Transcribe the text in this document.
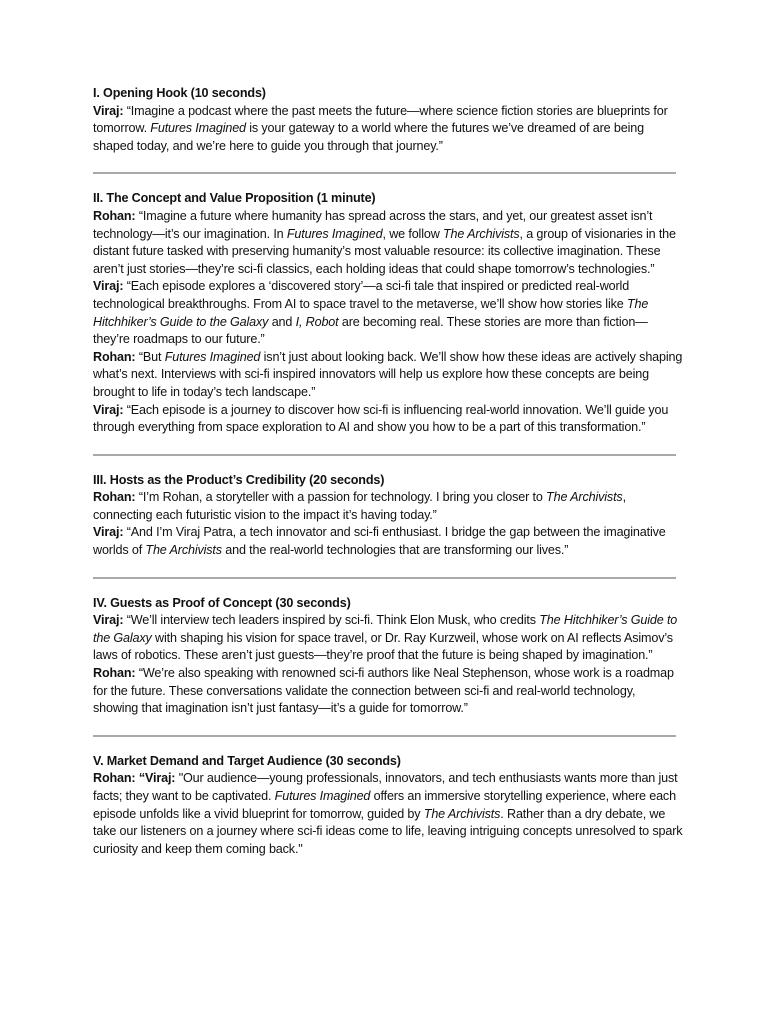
I. Opening Hook (10 seconds)
Viraj: “Imagine a podcast where the past meets the future—where science fiction stories are blueprints for tomorrow. Futures Imagined is your gateway to a world where the futures we’ve dreamed of are being shaped today, and we’re here to guide you through that journey.”
II. The Concept and Value Proposition (1 minute)
Rohan: “Imagine a future where humanity has spread across the stars, and yet, our greatest asset isn’t technology—it’s our imagination. In Futures Imagined, we follow The Archivists, a group of visionaries in the distant future tasked with preserving humanity’s most valuable resource: its collective imagination. These aren’t just stories—they’re sci-fi classics, each holding ideas that could shape tomorrow’s technologies.”
Viraj: “Each episode explores a ‘discovered story’—a sci-fi tale that inspired or predicted real-world technological breakthroughs. From AI to space travel to the metaverse, we’ll show how stories like The Hitchhiker’s Guide to the Galaxy and I, Robot are becoming real. These stories are more than fiction—they’re roadmaps to our future.”
Rohan: “But Futures Imagined isn’t just about looking back. We’ll show how these ideas are actively shaping what’s next. Interviews with sci-fi inspired innovators will help us explore how these concepts are being brought to life in today’s tech landscape.”
Viraj: “Each episode is a journey to discover how sci-fi is influencing real-world innovation. We’ll guide you through everything from space exploration to AI and show you how to be a part of this transformation.”
III. Hosts as the Product’s Credibility (20 seconds)
Rohan: “I’m Rohan, a storyteller with a passion for technology. I bring you closer to The Archivists, connecting each futuristic vision to the impact it’s having today.”
Viraj: “And I’m Viraj Patra, a tech innovator and sci-fi enthusiast. I bridge the gap between the imaginative worlds of The Archivists and the real-world technologies that are transforming our lives.”
IV. Guests as Proof of Concept (30 seconds)
Viraj: “We’ll interview tech leaders inspired by sci-fi. Think Elon Musk, who credits The Hitchhiker’s Guide to the Galaxy with shaping his vision for space travel, or Dr. Ray Kurzweil, whose work on AI reflects Asimov’s laws of robotics. These aren’t just guests—they’re proof that the future is being shaped by imagination.”
Rohan: “We’re also speaking with renowned sci-fi authors like Neal Stephenson, whose work is a roadmap for the future. These conversations validate the connection between sci-fi and real-world technology, showing that imagination isn’t just fantasy—it’s a guide for tomorrow.”
V. Market Demand and Target Audience (30 seconds)
Rohan: “Viraj: "Our audience—young professionals, innovators, and tech enthusiasts wants more than just facts; they want to be captivated. Futures Imagined offers an immersive storytelling experience, where each episode unfolds like a vivid blueprint for tomorrow, guided by The Archivists. Rather than a dry debate, we take our listeners on a journey where sci-fi ideas come to life, leaving intriguing concepts unresolved to spark curiosity and keep them coming back."
